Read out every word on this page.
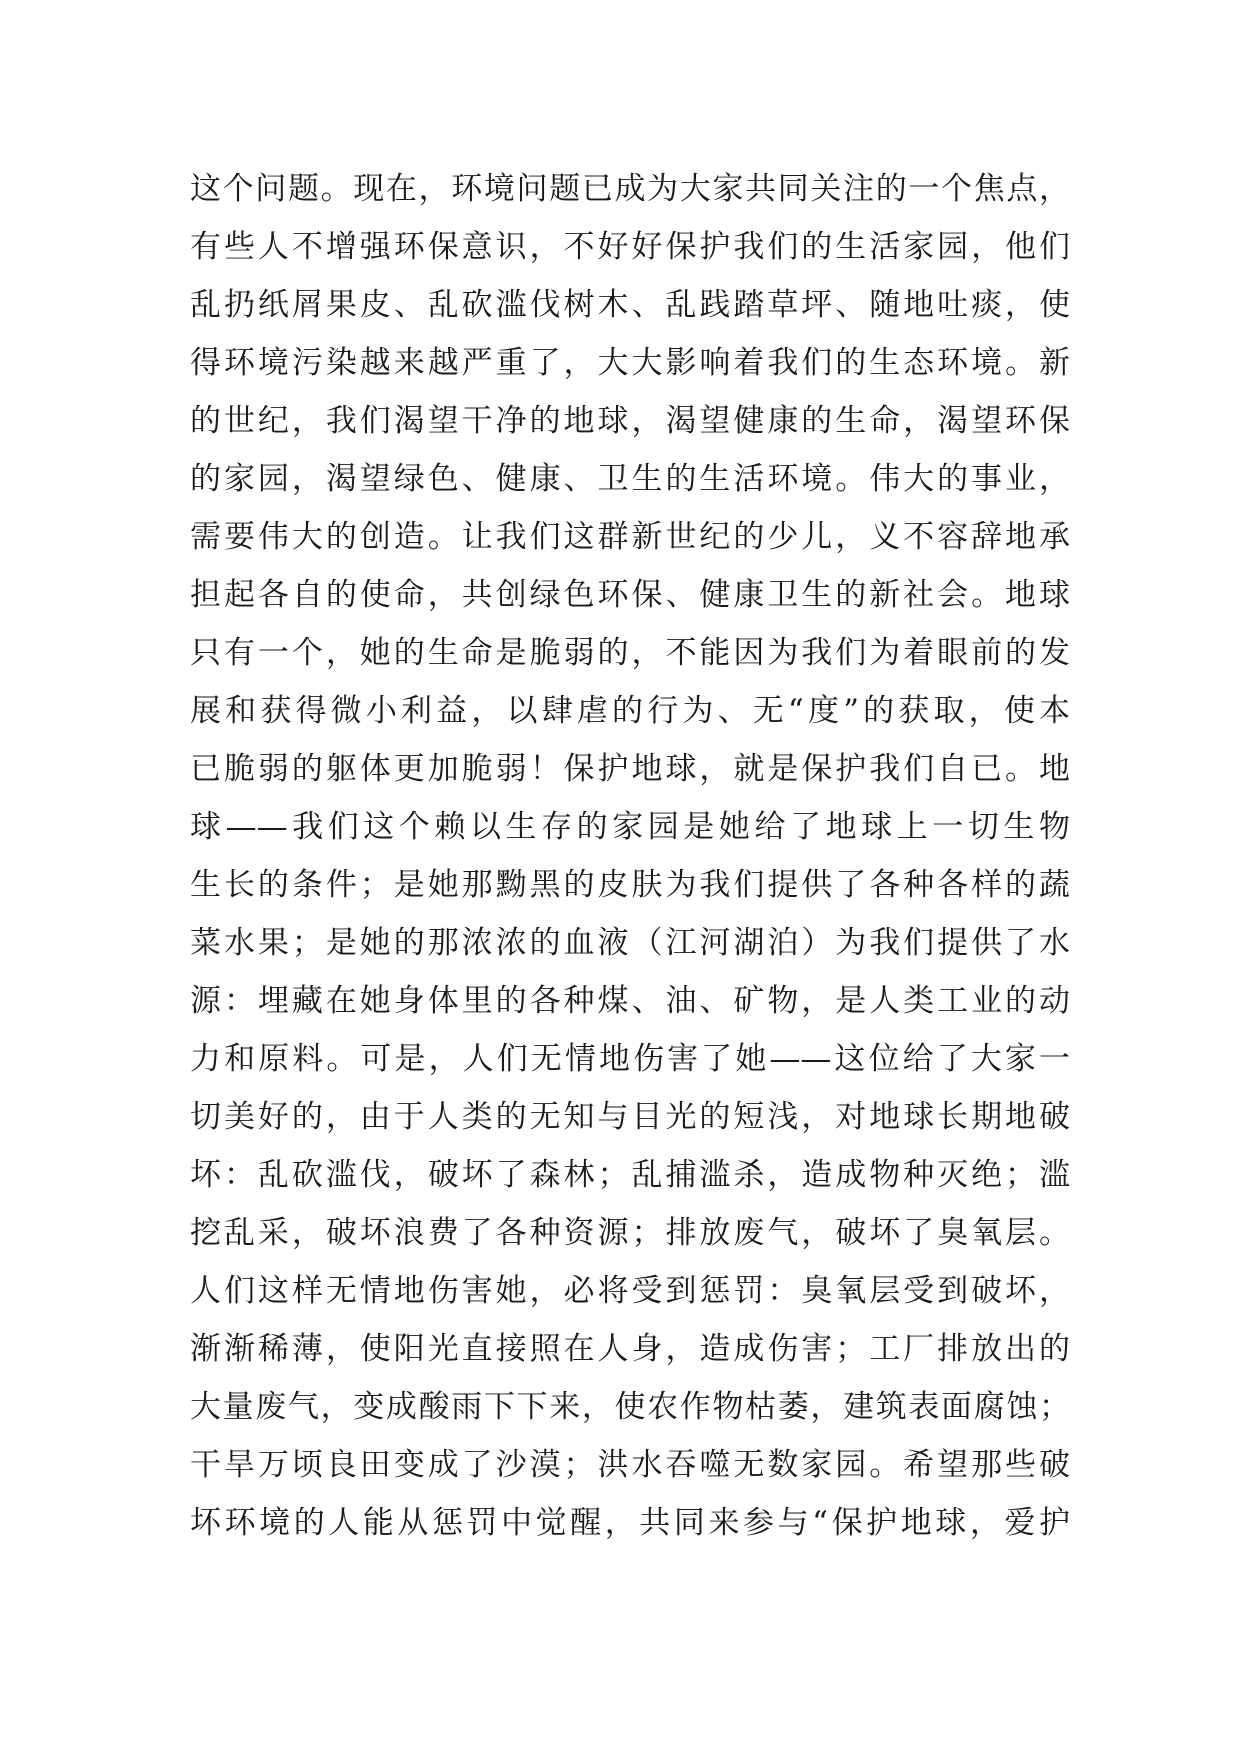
这个问题。现在，环境问题已成为大家共同关注的一个焦点，
有些人不增强环保意识，不好好保护我们的生活家园，他们
乱扔纸屑果皮、乱砍滥伐树木、乱践踏草坪、随地吐痰，使
得环境污染越来越严重了，大大影响着我们的生态环境。新
的世纪，我们渴望干净的地球，渴望健康的生命，渴望环保
的家园，渴望绿色、健康、卫生的生活环境。伟大的事业，
需要伟大的创造。让我们这群新世纪的少儿，义不容辞地承
担起各自的使命，共创绿色环保、健康卫生的新社会。地球
只有一个，她的生命是脆弱的，不能因为我们为着眼前的发
展和获得微小利益，以肆虐的行为、无“度”的获取，使本
已脆弱的躯体更加脆弱！保护地球，就是保护我们自已。地
球——我们这个赖以生存的家园是她给了地球上一切生物
生长的条件；是她那黝黑的皮肤为我们提供了各种各样的蔬
菜水果；是她的那浓浓的血液（江河湖泊）为我们提供了水
源：埋藏在她身体里的各种煤、油、矿物，是人类工业的动
力和原料。可是，人们无情地伤害了她——这位给了大家一
切美好的，由于人类的无知与目光的短浅，对地球长期地破
坏：乱砍滥伐，破坏了森林；乱捕滥杀，造成物种灭绝；滥
挖乱采，破坏浪费了各种资源；排放废气，破坏了臭氧层。
人们这样无情地伤害她，必将受到惩罚：臭氧层受到破坏，
渐渐稀薄，使阳光直接照在人身，造成伤害；工厂排放出的
大量废气，变成酸雨下下来，使农作物枯萎，建筑表面腐蚀；
干旱万顷良田变成了沙漠；洪水吞噬无数家园。希望那些破
坏环境的人能从惩罚中觉醒，共同来参与“保护地球，爱护
